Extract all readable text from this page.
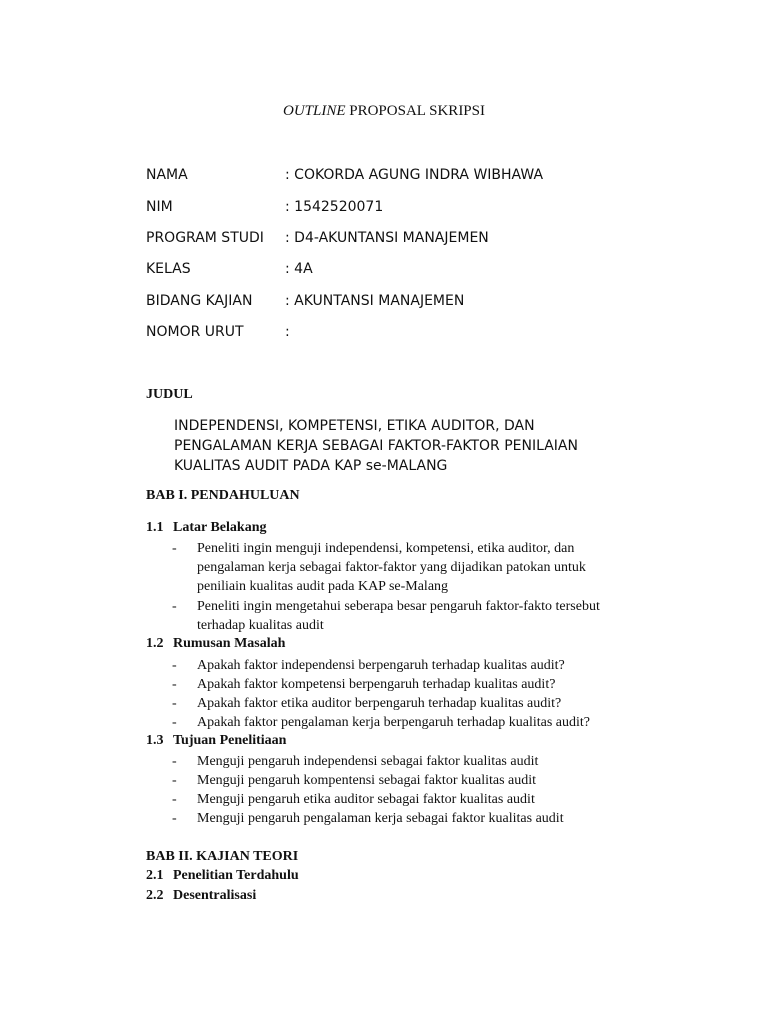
OUTLINE PROPOSAL SKRIPSI
NAMA	: COKORDA AGUNG INDRA WIBHAWA
NIM	: 1542520071
PROGRAM STUDI	: D4-AKUNTANSI MANAJEMEN
KELAS	: 4A
BIDANG KAJIAN	: AKUNTANSI MANAJEMEN
NOMOR URUT	:
JUDUL
INDEPENDENSI, KOMPETENSI, ETIKA AUDITOR, DAN
PENGALAMAN KERJA SEBAGAI FAKTOR-FAKTOR PENILAIAN
KUALITAS AUDIT PADA KAP se-MALANG
BAB I. PENDAHULUAN
1.1 Latar Belakang
- Peneliti ingin menguji independensi, kompetensi, etika auditor, dan
pengalaman kerja sebagai faktor-faktor yang dijadikan patokan untuk
peniliain kualitas audit pada KAP se-Malang
- Peneliti ingin mengetahui seberapa besar pengaruh faktor-fakto tersebut
terhadap kualitas audit
1.2 Rumusan Masalah
- Apakah faktor independensi berpengaruh terhadap kualitas audit?
- Apakah faktor kompetensi berpengaruh terhadap kualitas audit?
- Apakah faktor etika auditor berpengaruh terhadap kualitas audit?
- Apakah faktor pengalaman kerja berpengaruh terhadap kualitas audit?
1.3 Tujuan Penelitiaan
- Menguji pengaruh independensi sebagai faktor kualitas audit
- Menguji pengaruh kompentensi sebagai faktor kualitas audit
- Menguji pengaruh etika auditor sebagai faktor kualitas audit
- Menguji pengaruh pengalaman kerja sebagai faktor kualitas audit
BAB II. KAJIAN TEORI
2.1 Penelitian Terdahulu
2.2 Desentralisasi
